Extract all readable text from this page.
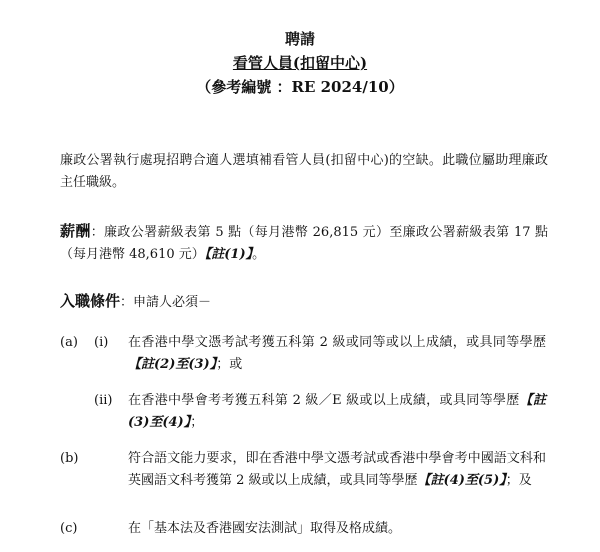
聘請
看管人員(扣留中心)
（參考編號 ：RE 2024/10）
廉政公署執行處現招聘合適人選填補看管人員(扣留中心)的空缺。此職位屬助理廉政主任職級。
薪酬：廉政公署薪級表第 5 點（每月港幣 26,815 元）至廉政公署薪級表第 17 點（每月港幣 48,610 元）【註(1)】。
入職條件：申請人必須－
(a) (i) 在香港中學文憑考試考獲五科第 2 級或同等或以上成績，或具同等學歷【註(2)至(3)】；或
(ii) 在香港中學會考考獲五科第 2 級／E 級或以上成績，或具同等學歷【註(3)至(4)】；
(b)	符合語文能力要求，即在香港中學文憑考試或香港中學會考中國語文科和英國語文科考獲第 2 級或以上成績，或具同等學歷【註(4)至(5)】；及
(c)	在「基本法及香港國安法測試」取得及格成績。
